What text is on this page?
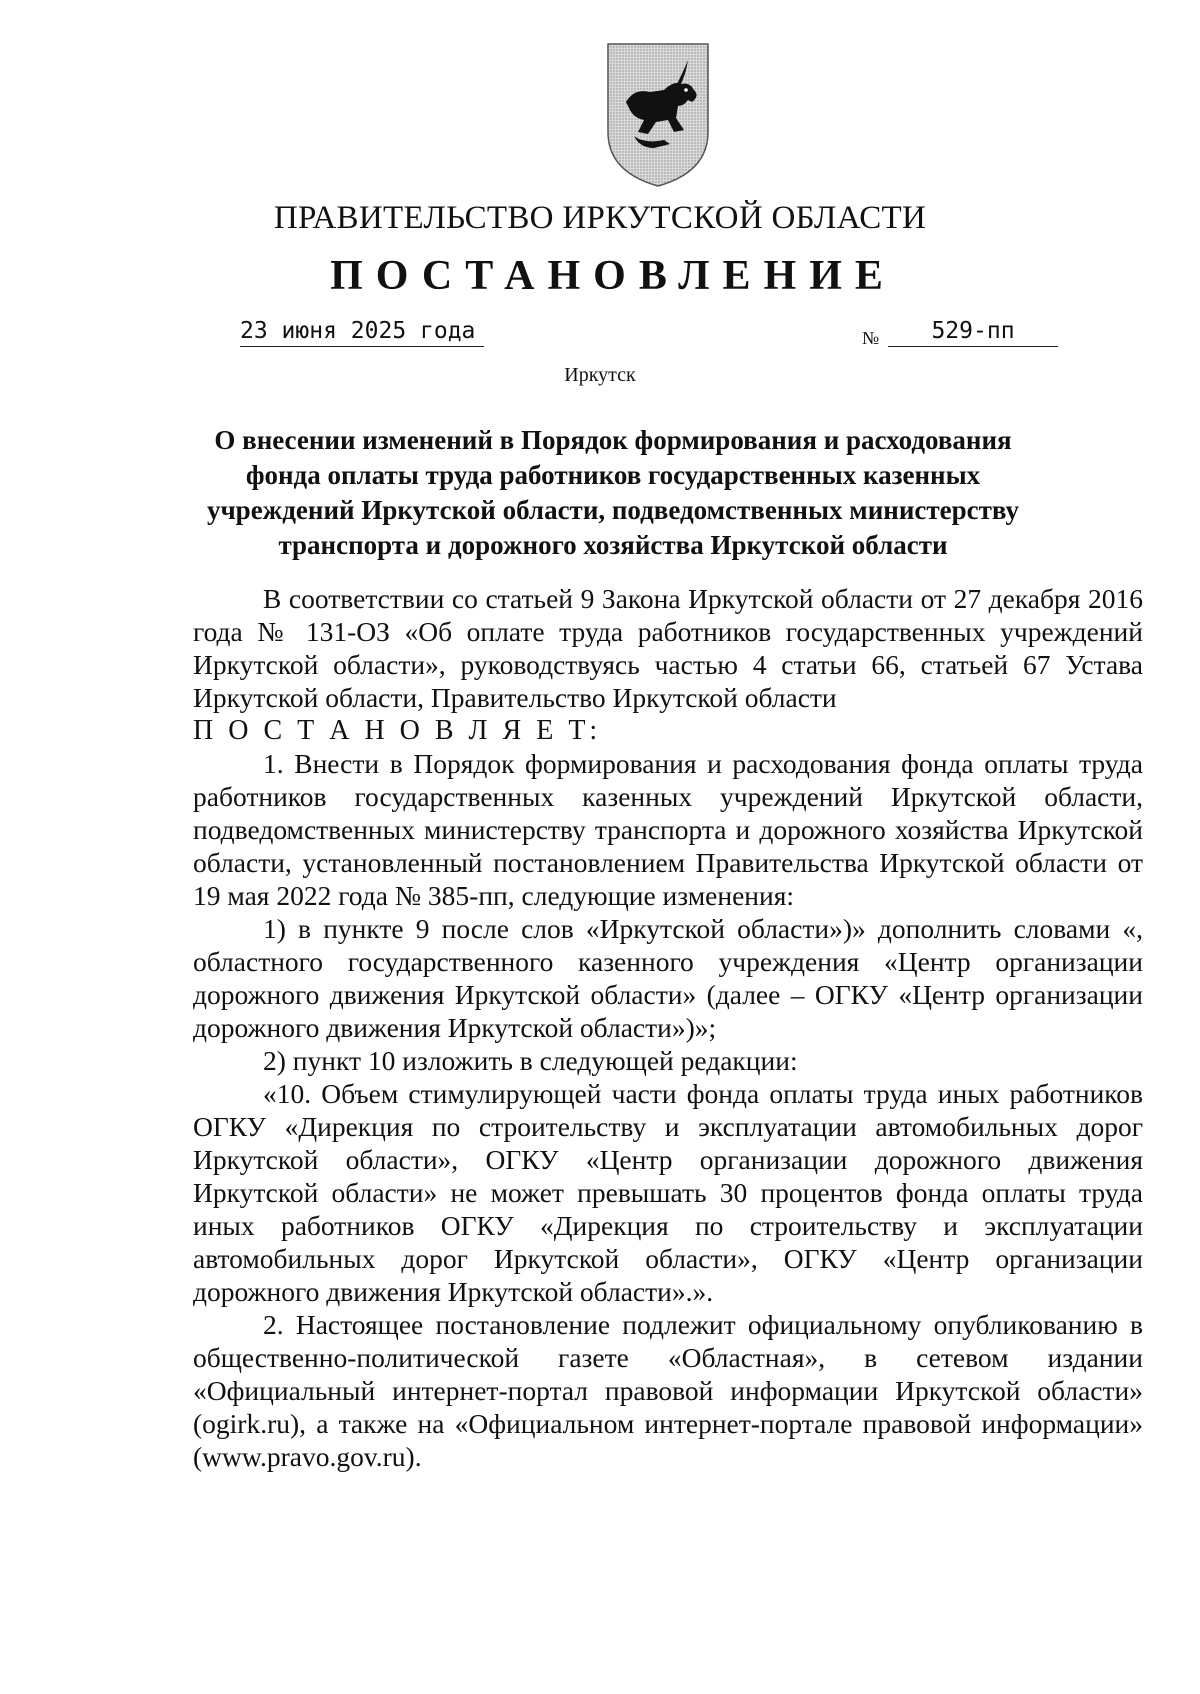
ПРАВИТЕЛЬСТВО ИРКУТСКОЙ ОБЛАСТИ
ПОСТАНОВЛЕНИЕ
23 июня 2025 года	№	529-пп
Иркутск
О внесении изменений в Порядок формирования и расходования фонда оплаты труда работников государственных казенных учреждений Иркутской области, подведомственных министерству транспорта и дорожного хозяйства Иркутской области

В соответствии со статьей 9 Закона Иркутской области от 27 декабря 2016 года № 131-ОЗ «Об оплате труда работников государственных учреждений Иркутской области», руководствуясь частью 4 статьи 66, статьей 67 Устава Иркутской области, Правительство Иркутской области

П О С Т А Н О В Л Я Е Т:

1. Внести в Порядок формирования и расходования фонда оплаты труда работников государственных казенных учреждений Иркутской области, подведомственных министерству транспорта и дорожного хозяйства Иркутской области, установленный постановлением Правительства Иркутской области от 19 мая 2022 года № 385-пп, следующие изменения:

1) в пункте 9 после слов «Иркутской области»)» дополнить словами «, областного государственного казенного учреждения «Центр организации дорожного движения Иркутской области» (далее – ОГКУ «Центр организации дорожного движения Иркутской области»)»;

2) пункт 10 изложить в следующей редакции:

«10. Объем стимулирующей части фонда оплаты труда иных работников ОГКУ «Дирекция по строительству и эксплуатации автомобильных дорог Иркутской области», ОГКУ «Центр организации дорожного движения Иркутской области» не может превышать 30 процентов фонда оплаты труда иных работников ОГКУ «Дирекция по строительству и эксплуатации автомобильных дорог Иркутской области», ОГКУ «Центр организации дорожного движения Иркутской области».».

2. Настоящее постановление подлежит официальному опубликованию в общественно-политической газете «Областная», в сетевом издании «Официальный интернет-портал правовой информации Иркутской области» (ogirk.ru), а также на «Официальном интернет-портале правовой информации» (www.pravo.gov.ru).
